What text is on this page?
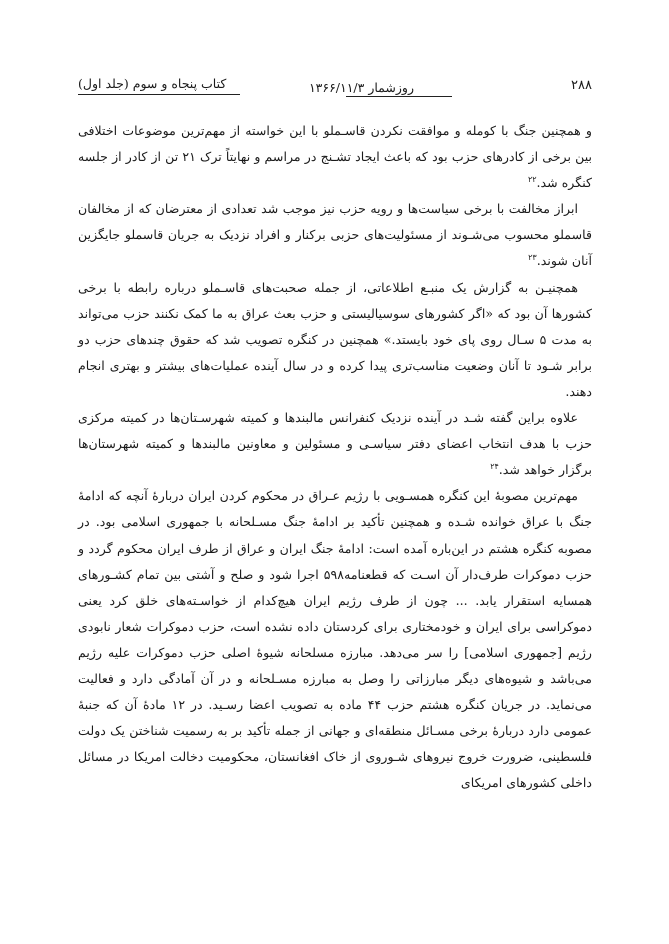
۲۸۸
روزشمار ۱۳۶۶/۱۱/۳
کتاب پنجاه و سوم (جلد اول)

و همچنین جنگ با کومله و موافقت نکردن قاسـملو با این خواسته از مهم‌ترین موضوعات اختلافی بین برخی از کادرهای حزب بود که باعث ایجاد تشـنج در مراسم و نهایتاً ترک ۲۱ تن از کادر از جلسه کنگره شد.$^{۲۲}$

ابراز مخالفت با برخی سیاست‌ها و رویه حزب نیز موجب شد تعدادی از معترضان که از مخالفان قاسملو محسوب می‌شـوند از مسئولیت‌های حزبی برکنار و افراد نزدیک به جریان قاسملو جایگزین آنان شوند.$^{۲۳}$

همچنیـن به گزارش یک منبـع اطلاعاتی، از جمله صحبت‌های قاسـملو درباره رابطه با برخی کشورها آن بود که «اگر کشورهای سوسیالیستی و حزب بعث عراق به ما کمک نکنند حزب می‌تواند به مدت ۵ سـال روی پای خود بایستد.» همچنین در کنگره تصویب شد که حقوق چندهای حزب دو برابر شـود تا آنان وضعیت مناسب‌تری پیدا کرده و در سال آینده عملیات‌های بیشتر و بهتری انجام دهند.

علاوه براین گفته شـد در آینده نزدیک کنفرانس مالبندها و کمیته شهرسـتان‌ها در کمیته مرکزی حزب با هدف انتخاب اعضای دفتر سیاسـی و مسئولین و معاونین مالبندها و کمیته شهرستان‌ها برگزار خواهد شد.$^{۲۴}$

مهم‌ترین مصوبهٔ این کنگره همسـویی با رژیم عـراق در محکوم کردن ایران دربارهٔ آنچه که ادامهٔ جنگ با عراق خوانده شـده و همچنین تأکید بر ادامهٔ جنگ مسـلحانه با جمهوری اسلامی بود. در مصوبه کنگره هشتم در این‌باره آمده است: ادامهٔ جنگ ایران و عراق از طرف ایران محکوم گردد و حزب دموکرات طرف‌دار آن اسـت که قطعنامه۵۹۸ اجرا شود و صلح و آشتی بین تمام کشـورهای همسایه استقرار یابد. ... چون از طرف رژیم ایران هیچ‌کدام از خواسـته‌های خلق کرد یعنی دموکراسی برای ایران و خودمختاری برای کردستان داده نشده است، حزب دموکرات شعار نابودی رژیم [جمهوری اسلامی] را سر می‌دهد. مبارزه مسلحانه شیوهٔ اصلی حزب دموکرات علیه رژیم می‌باشد و شیوه‌های دیگر مبارزاتی را وصل به مبارزه مسـلحانه و در آن آمادگی دارد و فعالیت می‌نماید. در جریان کنگره هشتم حزب ۴۴ ماده به تصویب اعضا رسـید. در ۱۲ مادهٔ آن که جنبهٔ عمومی دارد دربارهٔ برخی مسـائل منطقه‌ای و جهانی از جمله تأکید بر به رسمیت شناختن یک دولت فلسطینی، ضرورت خروج نیروهای شـوروی از خاک افغانستان، محکومیت دخالت امریکا در مسائل داخلی کشورهای امریکای
